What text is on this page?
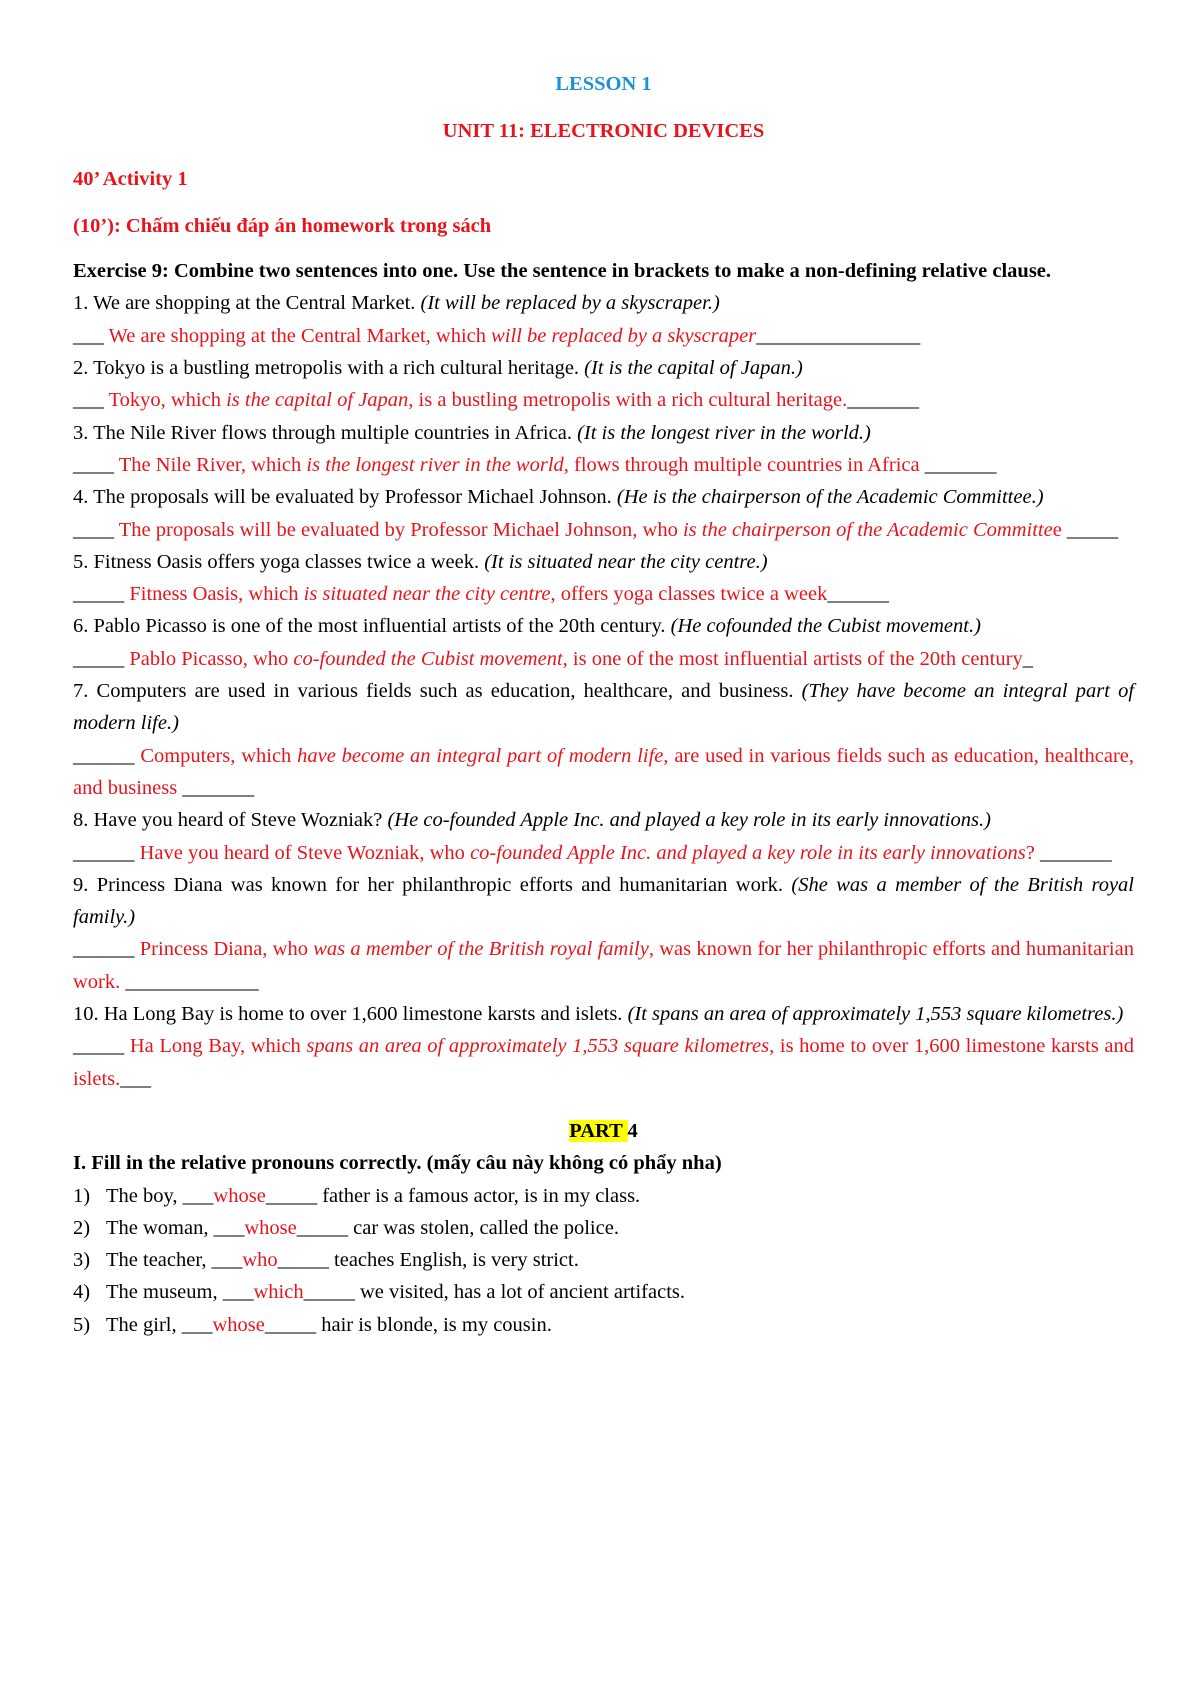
LESSON 1

UNIT 11: ELECTRONIC DEVICES

40’ Activity 1

(10’): Chấm chiếu đáp án homework trong sách

Exercise 9: Combine two sentences into one. Use the sentence in brackets to make a non-defining relative clause.

1. We are shopping at the Central Market. (It will be replaced by a skyscraper.)

___ We are shopping at the Central Market, which will be replaced by a skyscraper________________

2. Tokyo is a bustling metropolis with a rich cultural heritage. (It is the capital of Japan.)

___ Tokyo, which is the capital of Japan, is a bustling metropolis with a rich cultural heritage._______

3. The Nile River flows through multiple countries in Africa. (It is the longest river in the world.)

____ The Nile River, which is the longest river in the world, flows through multiple countries in Africa _______

4. The proposals will be evaluated by Professor Michael Johnson. (He is the chairperson of the Academic Committee.)

____ The proposals will be evaluated by Professor Michael Johnson, who is the chairperson of the Academic Committee _____

5. Fitness Oasis offers yoga classes twice a week. (It is situated near the city centre.)

_____ Fitness Oasis, which is situated near the city centre, offers yoga classes twice a week______

6. Pablo Picasso is one of the most influential artists of the 20th century. (He cofounded the Cubist movement.)

_____ Pablo Picasso, who co-founded the Cubist movement, is one of the most influential artists of the 20th century_

7. Computers are used in various fields such as education, healthcare, and business. (They have become an integral part of modern life.)

______ Computers, which have become an integral part of modern life, are used in various fields such as education, healthcare, and business _______

8. Have you heard of Steve Wozniak? (He co-founded Apple Inc. and played a key role in its early innovations.)

______ Have you heard of Steve Wozniak, who co-founded Apple Inc. and played a key role in its early innovations? _______

9. Princess Diana was known for her philanthropic efforts and humanitarian work. (She was a member of the British royal family.)

______ Princess Diana, who was a member of the British royal family, was known for her philanthropic efforts and humanitarian work. _____________

10. Ha Long Bay is home to over 1,600 limestone karsts and islets. (It spans an area of approximately 1,553 square kilometres.)

_____ Ha Long Bay, which spans an area of approximately 1,553 square kilometres, is home to over 1,600 limestone karsts and islets.___

PART 4

I. Fill in the relative pronouns correctly. (mấy câu này không có phẩy nha)

1) The boy, ___whose_____ father is a famous actor, is in my class.
2) The woman, ___whose_____ car was stolen, called the police.
3) The teacher, ___who_____ teaches English, is very strict.
4) The museum, ___which_____ we visited, has a lot of ancient artifacts.
5) The girl, ___whose_____ hair is blonde, is my cousin.
